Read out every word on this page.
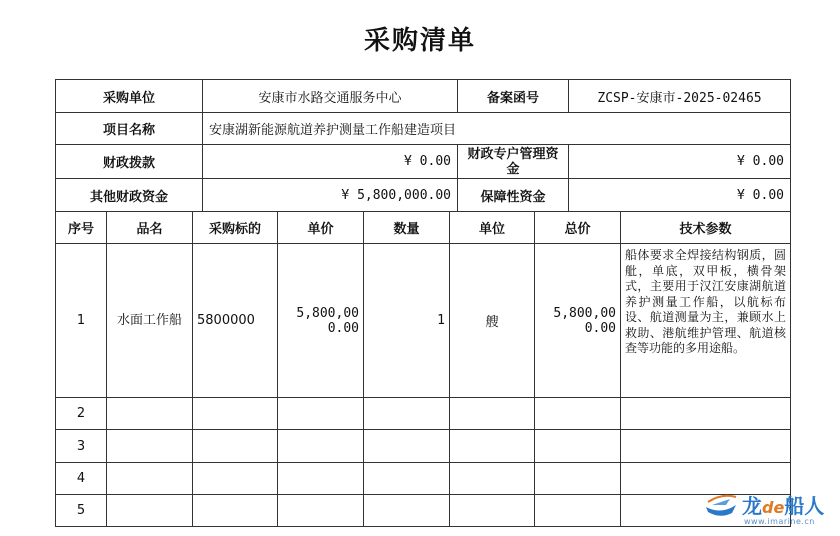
采购清单
采购单位	安康市水路交通服务中心	备案函号	ZCSP-安康市-2025-02465
项目名称	安康湖新能源航道养护测量工作船建造项目		
财政拨款	¥ 0.00	财政专户管理资金	¥ 0.00
其他财政资金	¥ 5,800,000.00	保障性资金	¥ 0.00
序号	品名	采购标的	单价	数量	单位	总价	技术参数
1	水面工作船	5800000	5,800,000.00	1	艘	5,800,000.00	船体要求全焊接结构钢质，圆舭，单底，双甲板，横骨架式，主要用于汉江安康湖航道养护测量工作船，以航标布设、航道测量为主，兼顾水上救助、港航维护管理、航道核查等功能的多用途船。
2							
3							
4							
5								龙de船人
www.imarine.cn
